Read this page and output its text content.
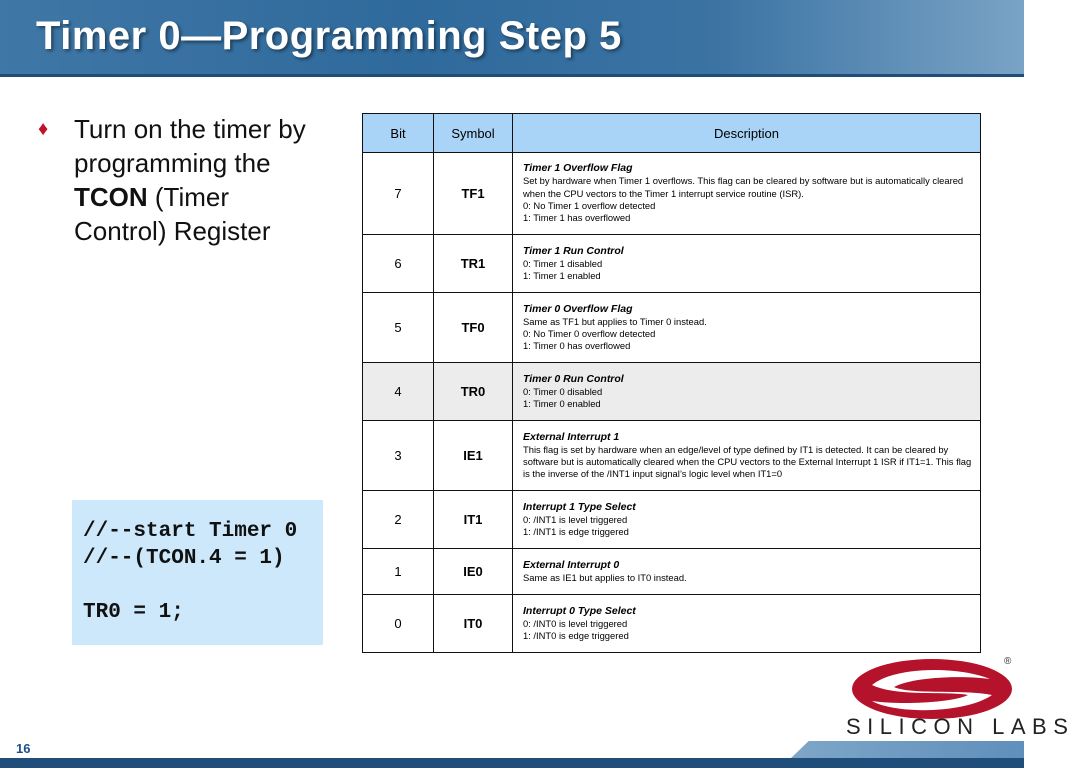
Timer 0—Programming Step 5
♦ Turn on the timer by programming the TCON (Timer Control) Register
//--start Timer 0
//--(TCON.4 = 1)

TR0 = 1;
Bit	Symbol	Description
7	TF1	Timer 1 Overflow Flag
Set by hardware when Timer 1 overflows. This flag can be cleared by software but is automatically cleared when the CPU vectors to the Timer 1 interrupt service routine (ISR).
0: No Timer 1 overflow detected
1: Timer 1 has overflowed

6	TR1	Timer 1 Run Control
0: Timer 1 disabled
1: Timer 1 enabled

5	TF0	Timer 0 Overflow Flag
Same as TF1 but applies to Timer 0 instead.
0: No Timer 0 overflow detected
1: Timer 0 has overflowed

4	TR0	Timer 0 Run Control
0: Timer 0 disabled
1: Timer 0 enabled

3	IE1	External Interrupt 1
This flag is set by hardware when an edge/level of type defined by IT1 is detected. It can be cleared by software but is automatically cleared when the CPU vectors to the External Interrupt 1 ISR if IT1=1. This flag is the inverse of the /INT1 input signal’s logic level when IT1=0

2	IT1	Interrupt 1 Type Select
0: /INT1 is level triggered
1: /INT1 is edge triggered

1	IE0	External Interrupt 0
Same as IE1 but applies to IT0 instead.

0	IT0	Interrupt 0 Type Select
0: /INT0 is level triggered
1: /INT0 is edge triggered
SILICON LABS
®
16
